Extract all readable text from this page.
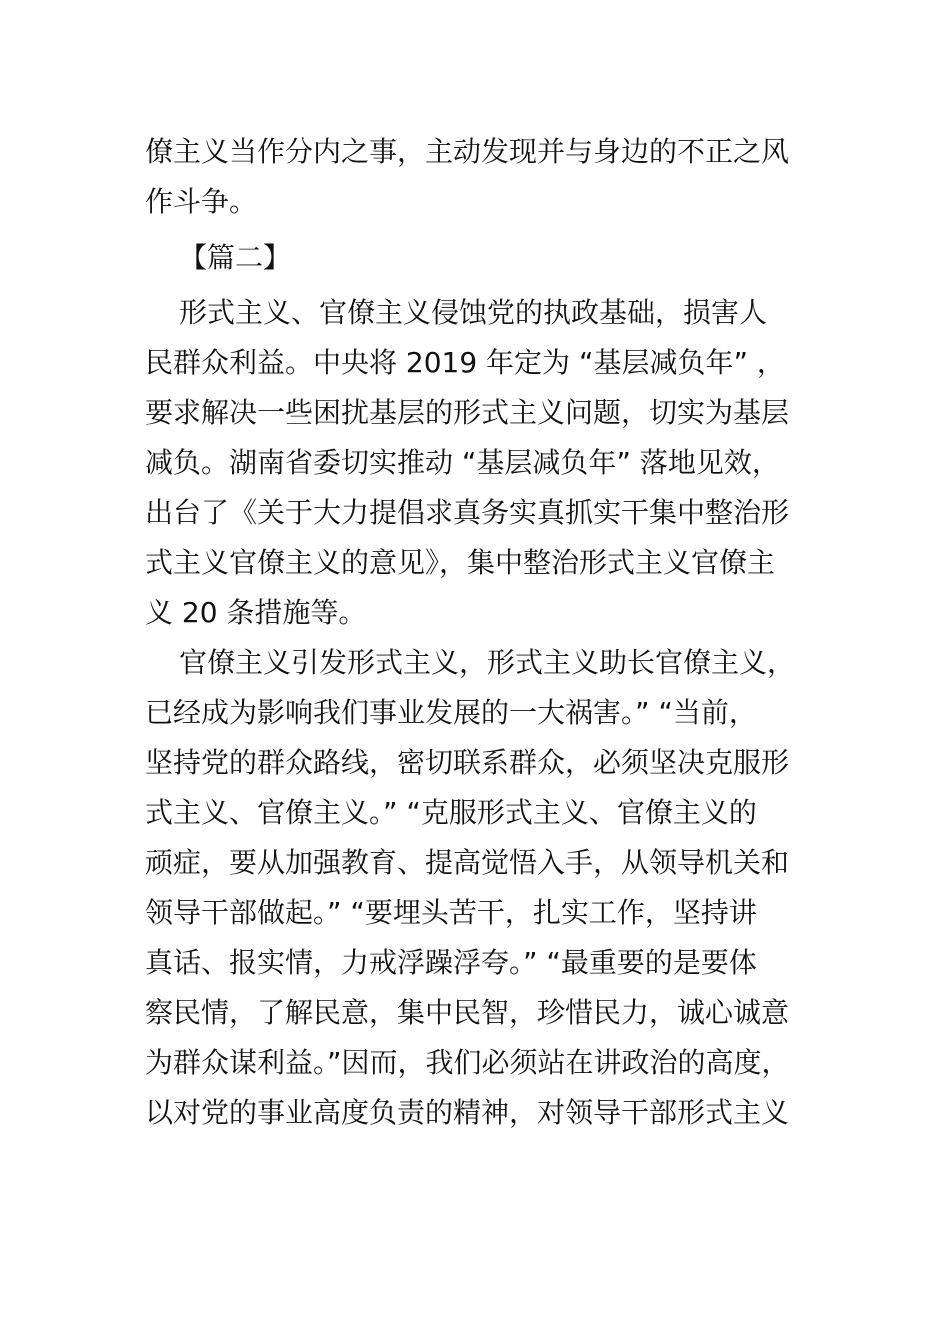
僚主义当作分内之事，主动发现并与身边的不正之风
作斗争。
【篇二】
形式主义、官僚主义侵蚀党的执政基础，损害人
民群众利益。中央将 2019 年定为 “基层减负年” ，
要求解决一些困扰基层的形式主义问题，切实为基层
减负。湖南省委切实推动 “基层减负年” 落地见效，
出台了《关于大力提倡求真务实真抓实干集中整治形
式主义官僚主义的意见》，集中整治形式主义官僚主
义 20 条措施等。
官僚主义引发形式主义，形式主义助长官僚主义，
已经成为影响我们事业发展的一大祸害。” “当前，
坚持党的群众路线，密切联系群众，必须坚决克服形
式主义、官僚主义。” “克服形式主义、官僚主义的
顽症，要从加强教育、提高觉悟入手，从领导机关和
领导干部做起。” “要埋头苦干，扎实工作，坚持讲
真话、报实情，力戒浮躁浮夸。” “最重要的是要体
察民情，了解民意，集中民智，珍惜民力，诚心诚意
为群众谋利益。”因而，我们必须站在讲政治的高度，
以对党的事业高度负责的精神，对领导干部形式主义
